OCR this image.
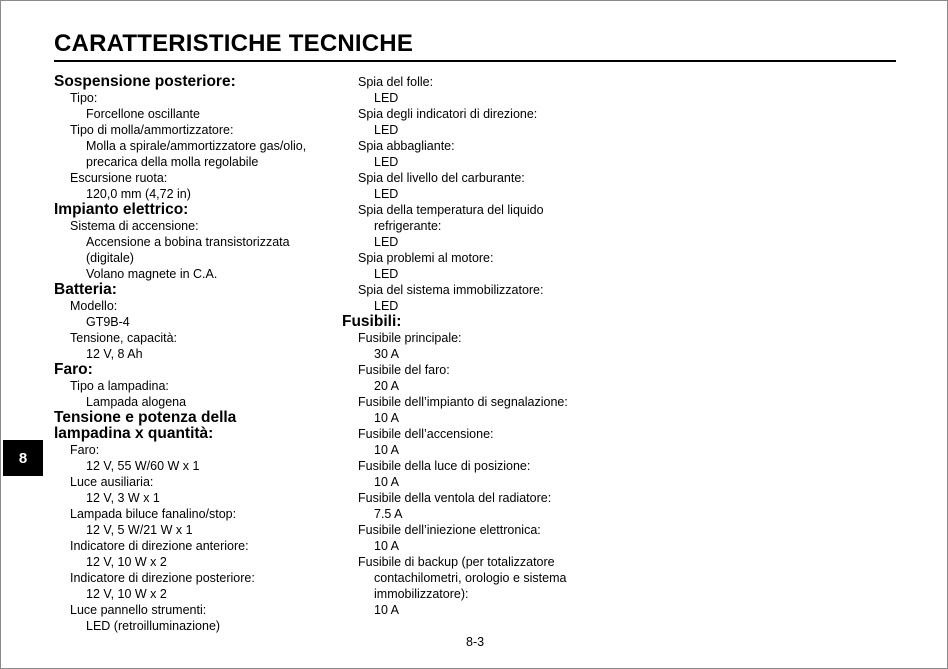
CARATTERISTICHE TECNICHE
Sospensione posteriore:
Tipo:
Forcellone oscillante
Tipo di molla/ammortizzatore:
Molla a spirale/ammortizzatore gas/olio,
precarica della molla regolabile
Escursione ruota:
120,0 mm (4,72 in)
Impianto elettrico:
Sistema di accensione:
Accensione a bobina transistorizzata
(digitale)
Volano magnete in C.A.
Batteria:
Modello:
GT9B-4
Tensione, capacità:
12 V, 8 Ah
Faro:
Tipo a lampadina:
Lampada alogena
Tensione e potenza della
lampadina x quantità:
Faro:
12 V, 55 W/60 W x 1
Luce ausiliaria:
12 V, 3 W x 1
Lampada biluce fanalino/stop:
12 V, 5 W/21 W x 1
Indicatore di direzione anteriore:
12 V, 10 W x 2
Indicatore di direzione posteriore:
12 V, 10 W x 2
Luce pannello strumenti:
LED (retroilluminazione)
Spia del folle:
LED
Spia degli indicatori di direzione:
LED
Spia abbagliante:
LED
Spia del livello del carburante:
LED
Spia della temperatura del liquido
refrigerante:
LED
Spia problemi al motore:
LED
Spia del sistema immobilizzatore:
LED
Fusibili:
Fusibile principale:
30 A
Fusibile del faro:
20 A
Fusibile dell’impianto di segnalazione:
10 A
Fusibile dell’accensione:
10 A
Fusibile della luce di posizione:
10 A
Fusibile della ventola del radiatore:
7.5 A
Fusibile dell’iniezione elettronica:
10 A
Fusibile di backup (per totalizzatore
contachilometri, orologio e sistema
immobilizzatore):
10 A
8
8-3
